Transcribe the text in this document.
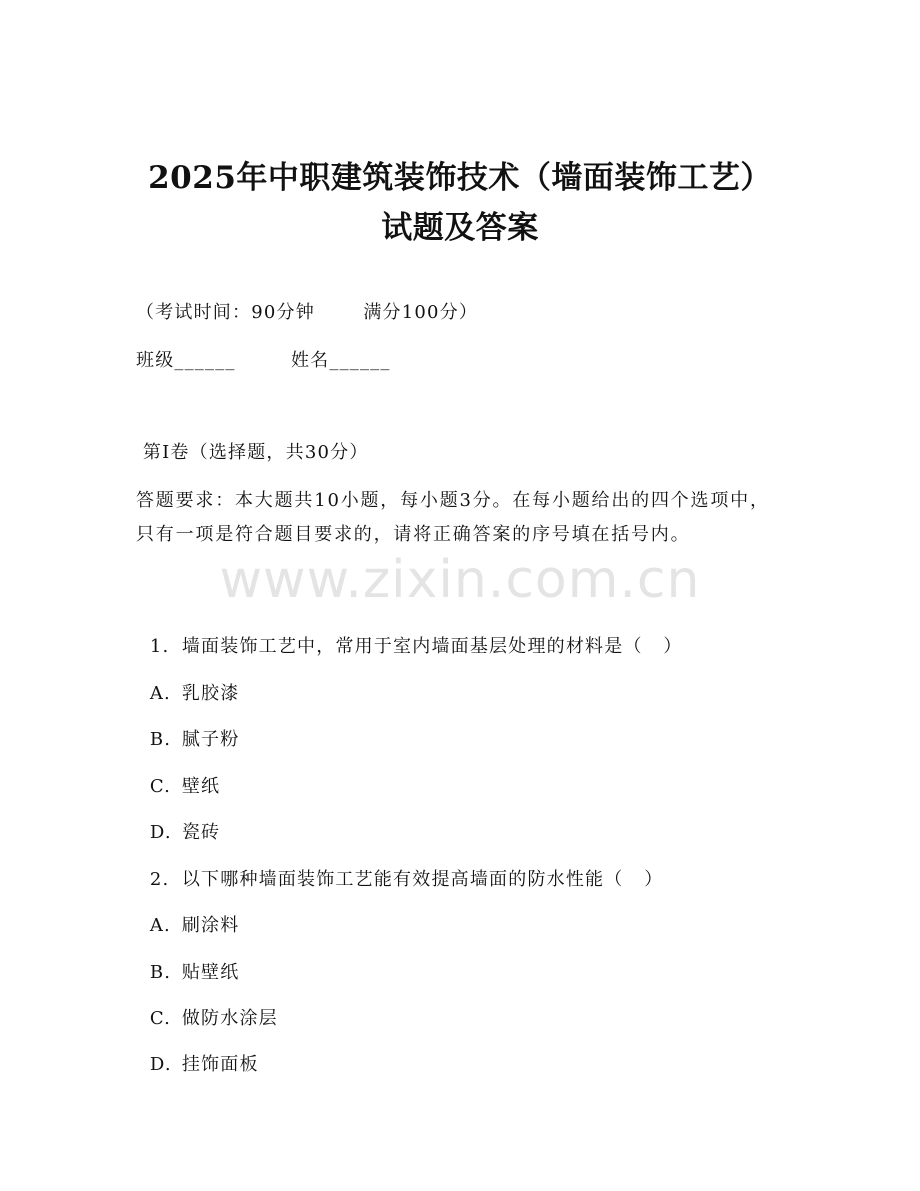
2025年中职建筑装饰技术（墙面装饰工艺）
试题及答案
（考试时间：90分钟       满分100分）
班级______        姓名______
第I卷（选择题，共30分）
答题要求：本大题共10小题，每小题3分。在每小题给出的四个选项中，只有一项是符合题目要求的，请将正确答案的序号填在括号内。
www.zixin.com.cn

1. 墙面装饰工艺中，常用于室内墙面基层处理的材料是（   ）

A. 乳胶漆

B. 腻子粉

C. 壁纸

D. 瓷砖

2. 以下哪种墙面装饰工艺能有效提高墙面的防水性能（   ）

A. 刷涂料

B. 贴壁纸

C. 做防水涂层

D. 挂饰面板
